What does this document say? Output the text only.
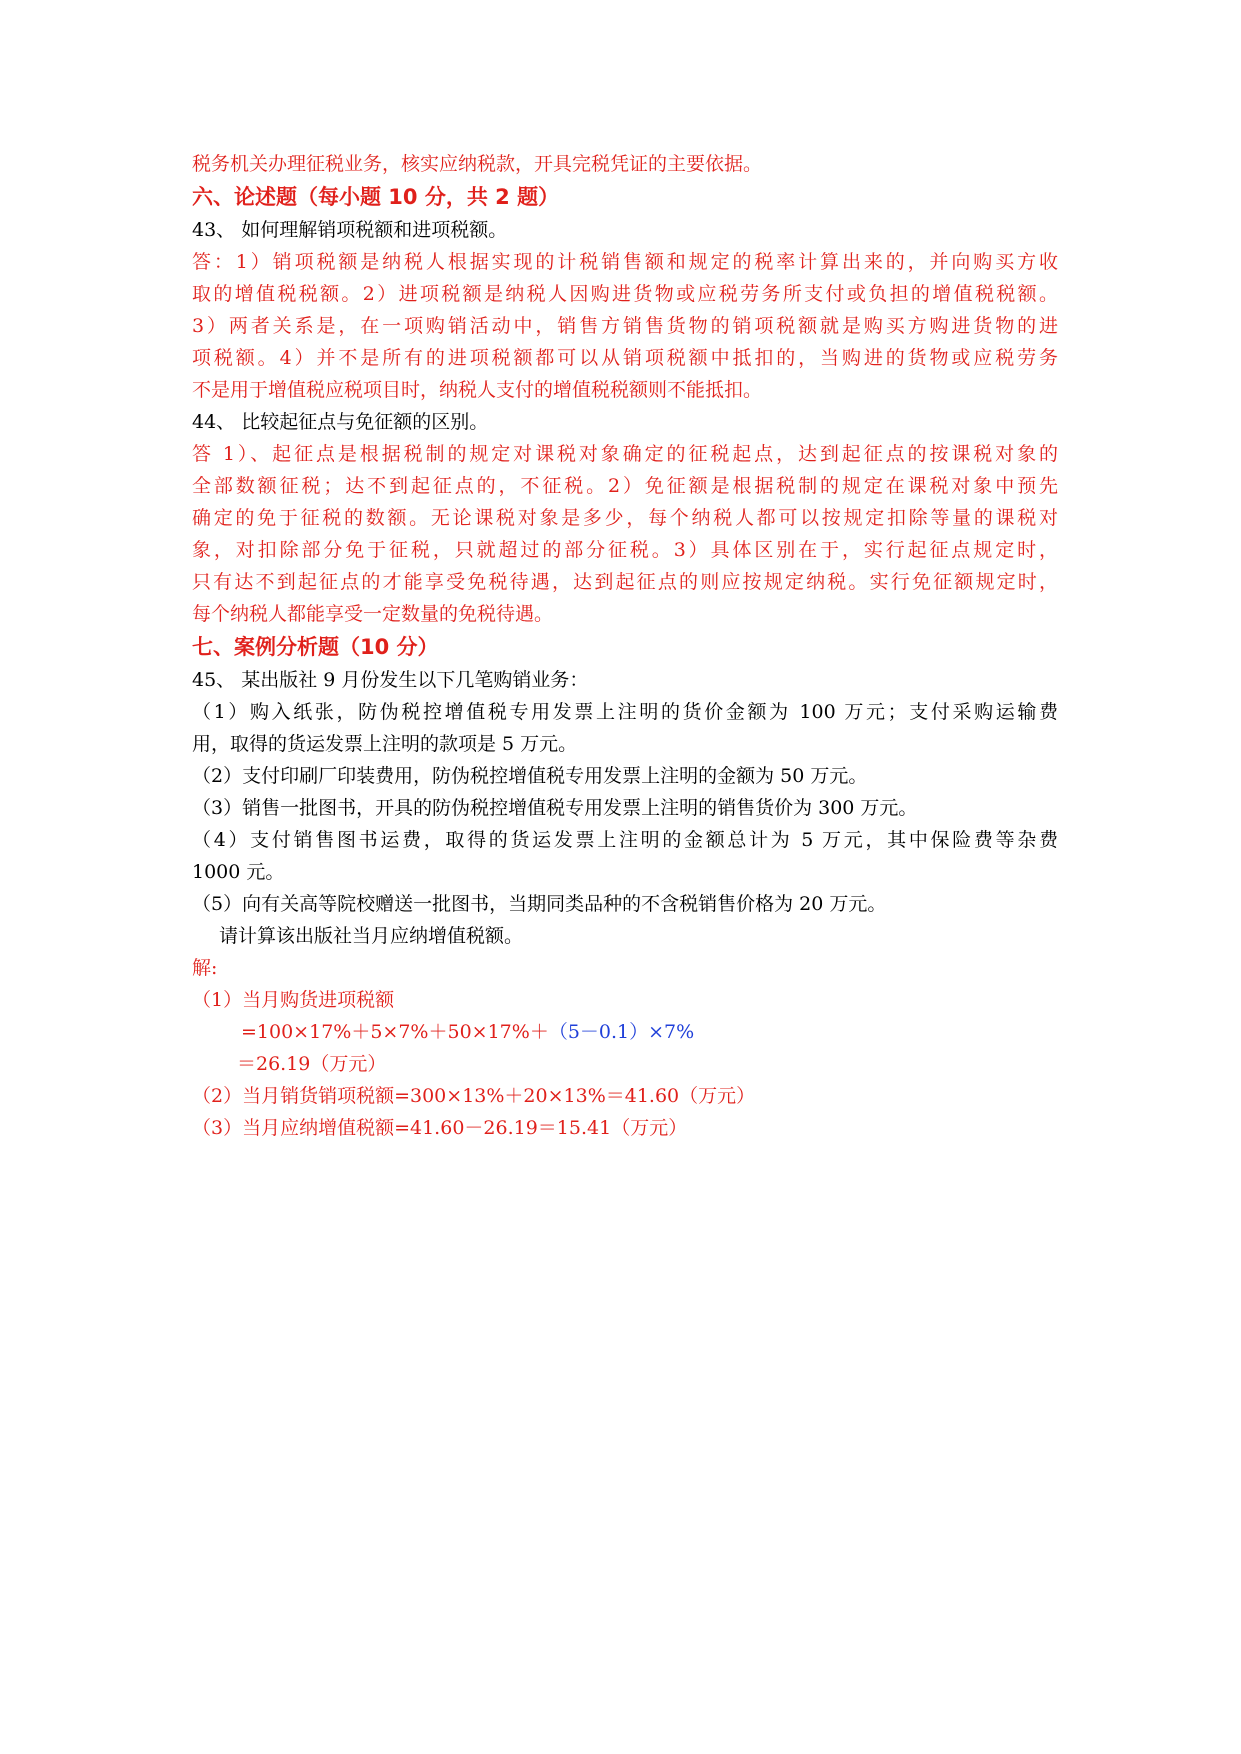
税务机关办理征税业务，核实应纳税款，开具完税凭证的主要依据。

六、论述题（每小题 10 分，共 2 题）

43、 如何理解销项税额和进项税额。

答：1）销项税额是纳税人根据实现的计税销售额和规定的税率计算出来的，并向购买方收

取的增值税税额。2）进项税额是纳税人因购进货物或应税劳务所支付或负担的增值税税额。

3）两者关系是，在一项购销活动中，销售方销售货物的销项税额就是购买方购进货物的进

项税额。4）并不是所有的进项税额都可以从销项税额中抵扣的，当购进的货物或应税劳务

不是用于增值税应税项目时，纳税人支付的增值税税额则不能抵扣。

44、 比较起征点与免征额的区别。

答 1）、起征点是根据税制的规定对课税对象确定的征税起点，达到起征点的按课税对象的

全部数额征税；达不到起征点的，不征税。2）免征额是根据税制的规定在课税对象中预先

确定的免于征税的数额。无论课税对象是多少，每个纳税人都可以按规定扣除等量的课税对

象，对扣除部分免于征税，只就超过的部分征税。3）具体区别在于，实行起征点规定时，

只有达不到起征点的才能享受免税待遇，达到起征点的则应按规定纳税。实行免征额规定时，

每个纳税人都能享受一定数量的免税待遇。

七、案例分析题（10 分）

45、 某出版社 9 月份发生以下几笔购销业务：

（1）购入纸张，防伪税控增值税专用发票上注明的货价金额为 100 万元；支付采购运输费

用，取得的货运发票上注明的款项是 5 万元。

（2）支付印刷厂印装费用，防伪税控增值税专用发票上注明的金额为 50 万元。

（3）销售一批图书，开具的防伪税控增值税专用发票上注明的销售货价为 300 万元。

（4）支付销售图书运费，取得的货运发票上注明的金额总计为 5 万元，其中保险费等杂费

1000 元。

（5）向有关高等院校赠送一批图书，当期同类品种的不含税销售价格为 20 万元。

请计算该出版社当月应纳增值税额。

解:

（1）当月购货进项税额

=100×17%＋5×7%＋50×17%＋（5－0.1）×7%

＝26.19（万元）

（2）当月销货销项税额=300×13%＋20×13%＝41.60（万元）

（3）当月应纳增值税额=41.60－26.19＝15.41（万元）
